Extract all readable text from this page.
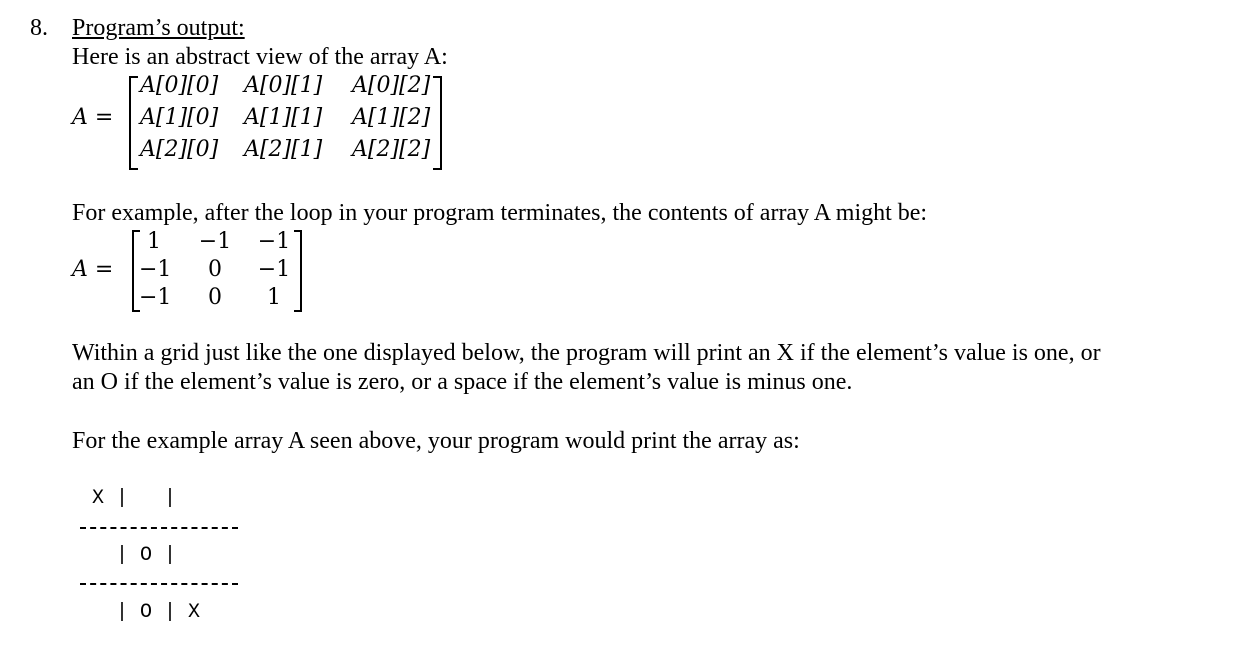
8. Program’s output:
Here is an abstract view of the array A:
A =
A[0][0] A[0][1] A[0][2]
A[1][0] A[1][1] A[1][2]
A[2][0] A[2][1] A[2][2]
For example, after the loop in your program terminates, the contents of array A might be:
A =
1	−1 −1
−1	0	−1
−1	0	1
Within a grid just like the one displayed below, the program will print an X if the element’s value is one, or
an O if the element’s value is zero, or a space if the element’s value is minus one.
For the example array A seen above, your program would print the array as:
X |   |
| O |
| O | X
